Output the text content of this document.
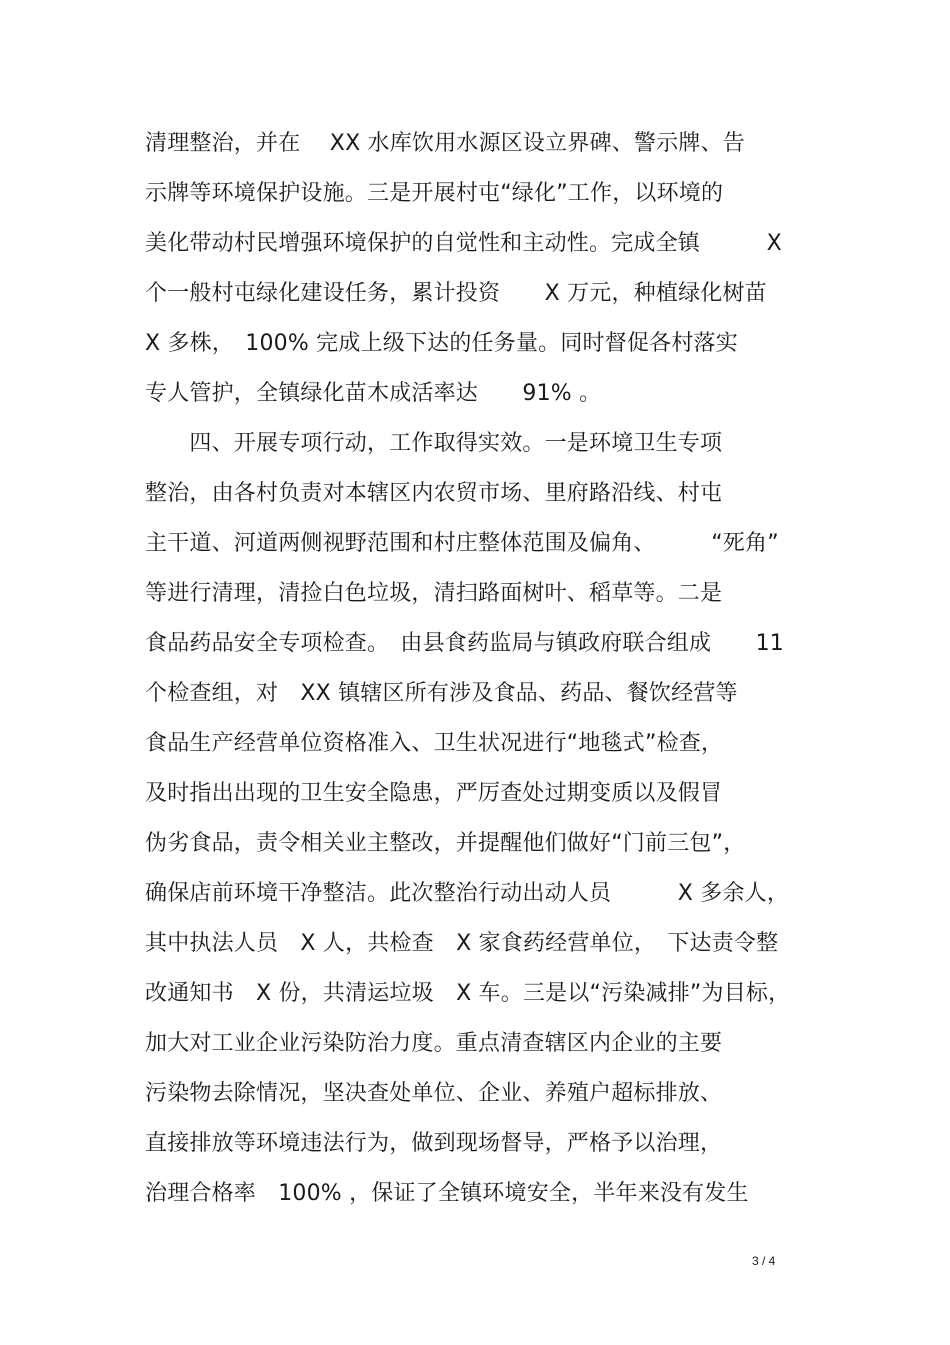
清理整治，并在　 XX 水库饮用水源区设立界碑、警示牌、告
示牌等环境保护设施。三是开展村屯“绿化”工作，以环境的
美化带动村民增强环境保护的自觉性和主动性。完成全镇　　　X
个一般村屯绿化建设任务，累计投资　　X 万元，种植绿化树苗
X 多株，　100% 完成上级下达的任务量。同时督促各村落实
专人管护，全镇绿化苗木成活率达　　91% 。
　　四、开展专项行动，工作取得实效。一是环境卫生专项
整治，由各村负责对本辖区内农贸市场、里府路沿线、村屯
主干道、河道两侧视野范围和村庄整体范围及偏角、　　　“死角”
等进行清理，清捡白色垃圾，清扫路面树叶、稻草等。二是
食品药品安全专项检查。　由县食药监局与镇政府联合组成　　11
个检查组，对　XX 镇辖区所有涉及食品、药品、餐饮经营等
食品生产经营单位资格准入、卫生状况进行“地毯式”检查，
及时指出出现的卫生安全隐患，严厉查处过期变质以及假冒
伪劣食品，责令相关业主整改，并提醒他们做好“门前三包”，
确保店前环境干净整洁。此次整治行动出动人员　　　X 多余人，
其中执法人员　X 人，共检查　X 家食药经营单位，　下达责令整
改通知书　X 份，共清运垃圾　X 车。三是以“污染减排”为目标，
加大对工业企业污染防治力度。重点清查辖区内企业的主要
污染物去除情况，坚决查处单位、企业、养殖户超标排放、
直接排放等环境违法行为，做到现场督导，严格予以治理，
治理合格率　100% ，保证了全镇环境安全，半年来没有发生
3 / 4
